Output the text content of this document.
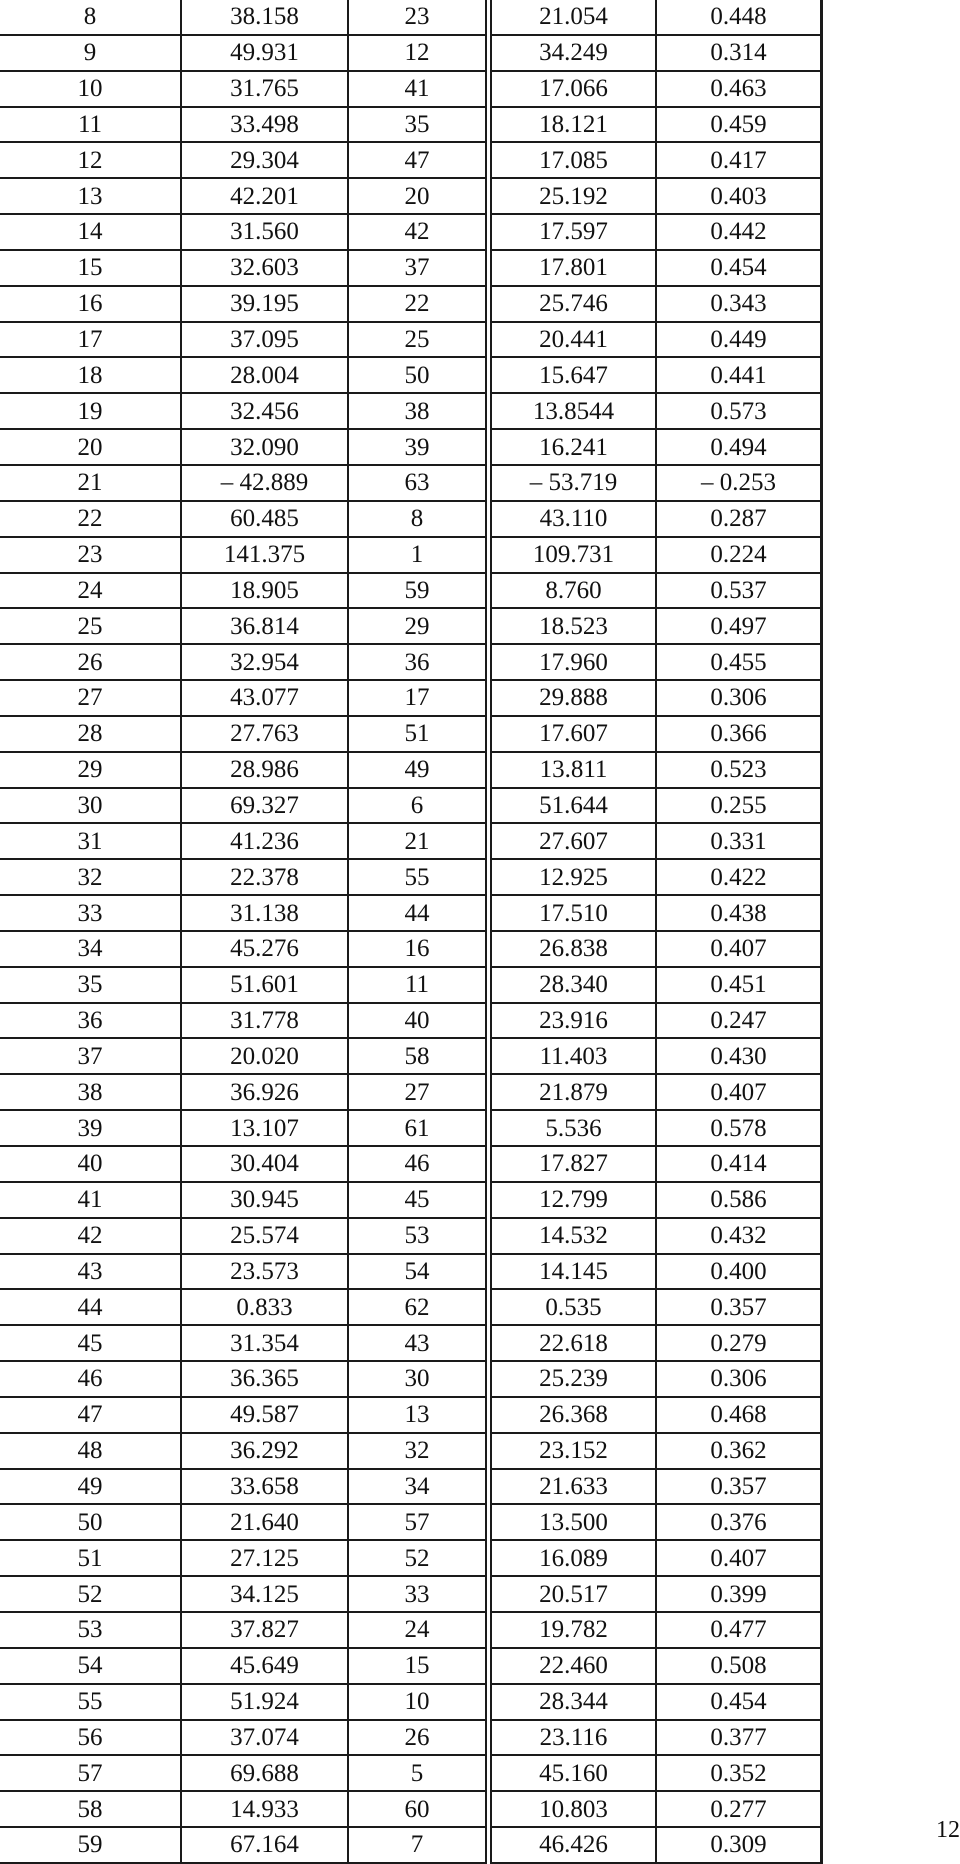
8	38.158	23	21.054	0.448
9	49.931	12	34.249	0.314
10	31.765	41	17.066	0.463
11	33.498	35	18.121	0.459
12	29.304	47	17.085	0.417
13	42.201	20	25.192	0.403
14	31.560	42	17.597	0.442
15	32.603	37	17.801	0.454
16	39.195	22	25.746	0.343
17	37.095	25	20.441	0.449
18	28.004	50	15.647	0.441
19	32.456	38	13.8544	0.573
20	32.090	39	16.241	0.494
21	– 42.889	63	– 53.719	– 0.253
22	60.485	8	43.110	0.287
23	141.375	1	109.731	0.224
24	18.905	59	8.760	0.537
25	36.814	29	18.523	0.497
26	32.954	36	17.960	0.455
27	43.077	17	29.888	0.306
28	27.763	51	17.607	0.366
29	28.986	49	13.811	0.523
30	69.327	6	51.644	0.255
31	41.236	21	27.607	0.331
32	22.378	55	12.925	0.422
33	31.138	44	17.510	0.438
34	45.276	16	26.838	0.407
35	51.601	11	28.340	0.451
36	31.778	40	23.916	0.247
37	20.020	58	11.403	0.430
38	36.926	27	21.879	0.407
39	13.107	61	5.536	0.578
40	30.404	46	17.827	0.414
41	30.945	45	12.799	0.586
42	25.574	53	14.532	0.432
43	23.573	54	14.145	0.400
44	0.833	62	0.535	0.357
45	31.354	43	22.618	0.279
46	36.365	30	25.239	0.306
47	49.587	13	26.368	0.468
48	36.292	32	23.152	0.362
49	33.658	34	21.633	0.357
50	21.640	57	13.500	0.376
51	27.125	52	16.089	0.407
52	34.125	33	20.517	0.399
53	37.827	24	19.782	0.477
54	45.649	15	22.460	0.508
55	51.924	10	28.344	0.454
56	37.074	26	23.116	0.377
57	69.688	5	45.160	0.352
58	14.933	60	10.803	0.277
59	67.164	7	46.426	0.309
12
